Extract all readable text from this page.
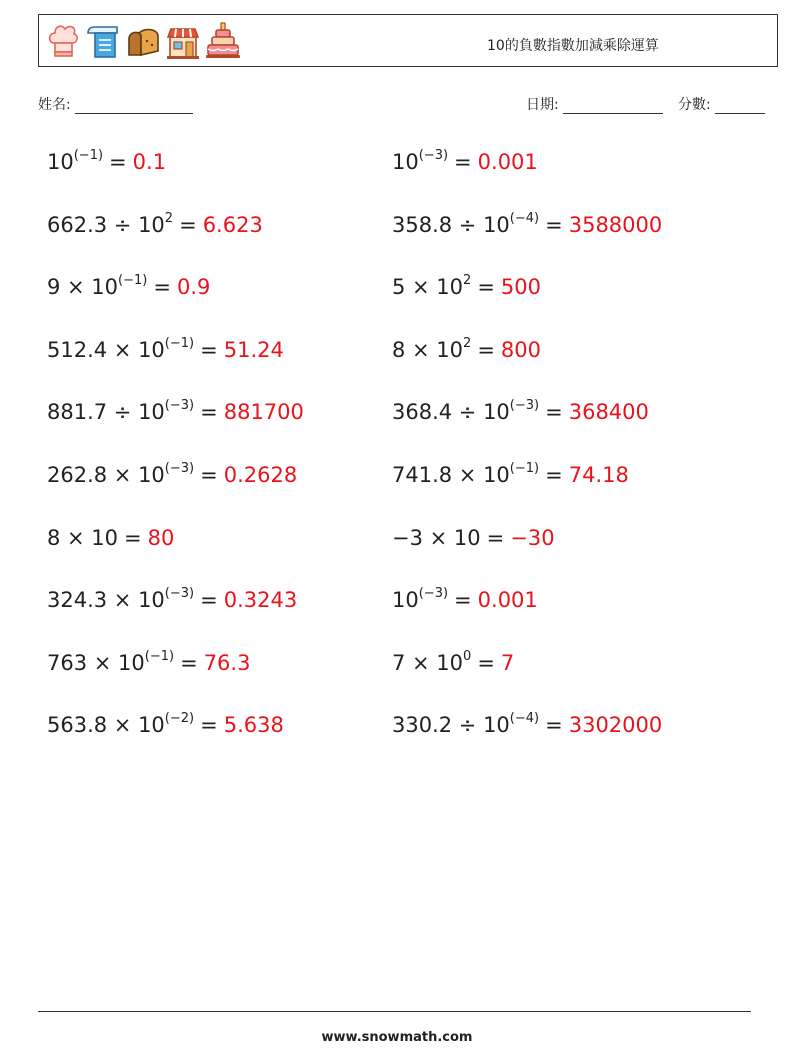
10的負數指數加減乘除運算
姓名:	日期:	分數:
$10^{(-1)} = 0.1$	$10^{(-3)} = 0.001$
$662.3 \div 10^2 = 6.623$	$358.8 \div 10^{(-4)} = 3588000$
$9 \times 10^{(-1)} = 0.9$	$5 \times 10^2 = 500$
$512.4 \times 10^{(-1)} = 51.24$	$8 \times 10^2 = 800$
$881.7 \div 10^{(-3)} = 881700$	$368.4 \div 10^{(-3)} = 368400$
$262.8 \times 10^{(-3)} = 0.2628$	$741.8 \times 10^{(-1)} = 74.18$
8 × 10 = 80	−3 × 10 = −30
$324.3 \times 10^{(-3)} = 0.3243$	$10^{(-3)} = 0.001$
$763 \times 10^{(-1)} = 76.3$	$7 \times 10^0 = 7$
$563.8 \times 10^{(-2)} = 5.638$	$330.2 \div 10^{(-4)} = 3302000$
www.snowmath.com
